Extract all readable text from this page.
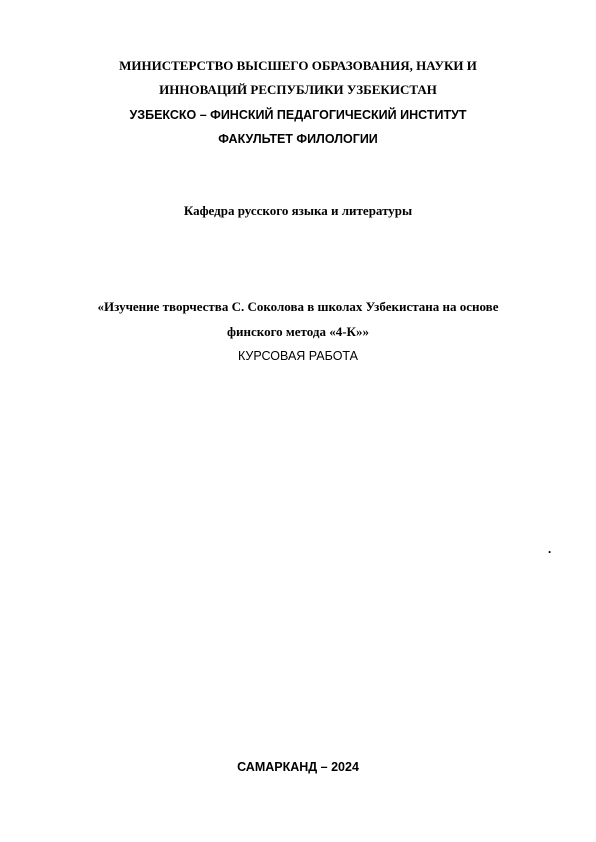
МИНИСТЕРСТВО ВЫСШЕГО ОБРАЗОВАНИЯ, НАУКИ И
ИННОВАЦИЙ РЕСПУБЛИКИ УЗБЕКИСТАН
УЗБЕКСКО – ФИНСКИЙ ПЕДАГОГИЧЕСКИЙ ИНСТИТУТ
ФАКУЛЬТЕТ ФИЛОЛОГИИ
Кафедра русского языка и литературы
«Изучение творчества С. Соколова в школах Узбекистана на основе
финского метода «4-К»»
КУРСОВАЯ РАБОТА
.
САМАРКАНД – 2024
